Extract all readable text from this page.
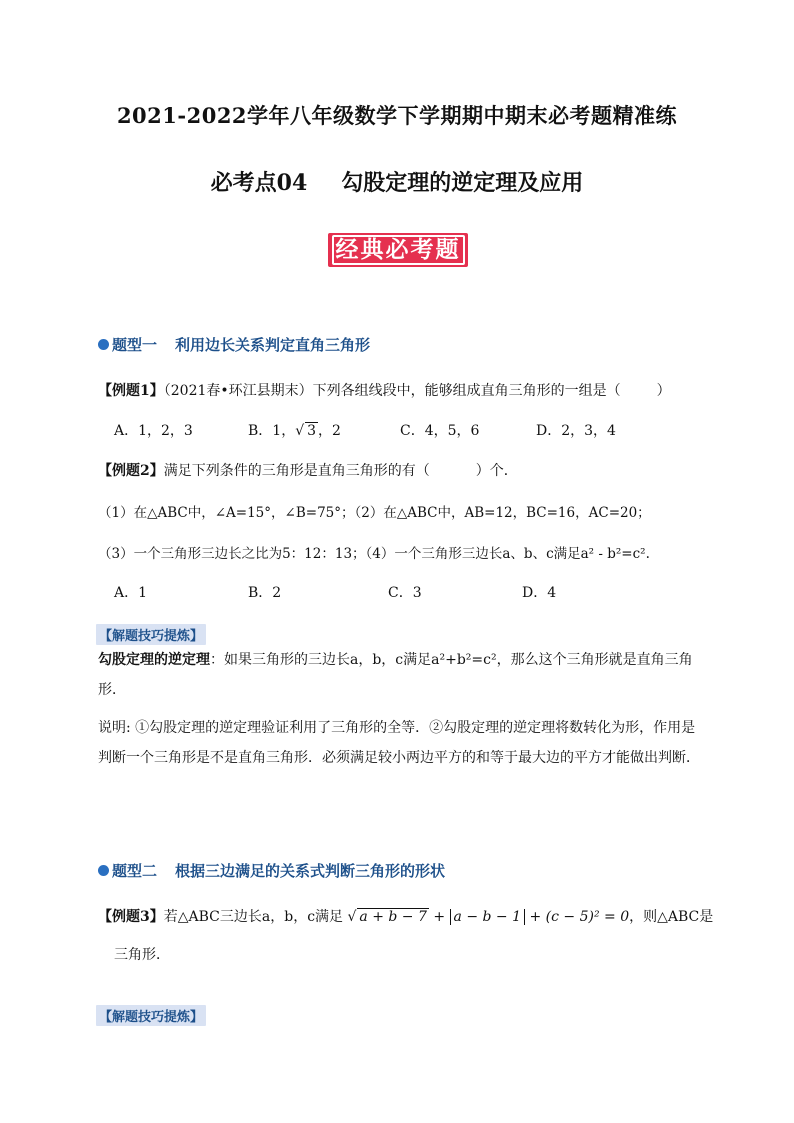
2021-2022学年八年级数学下学期期中期末必考题精准练
必考点04 勾股定理的逆定理及应用
经典必考题
题型一 利用边长关系判定直角三角形
【例题1】（2021春•环江县期末）下列各组线段中，能够组成直角三角形的一组是（	）
A．1，2，3	B．1，√ 3 ，2	C．4，5，6	D．2，3，4
【例题2】满足下列条件的三角形是直角三角形的有（	）个．
（1）在△ABC中，∠A=15°，∠B=75°；（2）在△ABC中，AB=12，BC=16，AC=20；
（3）一个三角形三边长之比为5：12：13；（4）一个三角形三边长a、b、c满足a² - b²=c².
A．1	B．2	C．3	D．4
【解题技巧提炼】
勾股定理的逆定理：如果三角形的三边长a，b，c满足a²+b²=c²，那么这个三角形就是直角三角形．
说明: ①勾股定理的逆定理验证利用了三角形的全等．②勾股定理的逆定理将数转化为形，作用是判断一个三角形是不是直角三角形．必须满足较小两边平方的和等于最大边的平方才能做出判断．
题型二 根据三边满足的关系式判断三角形的形状
【例题3】若△ABC三边长a，b，c满足 √ a + b − 7 + a − b − 1 + (c − 5)² = 0，则△ABC是
三角形．
【解题技巧提炼】
